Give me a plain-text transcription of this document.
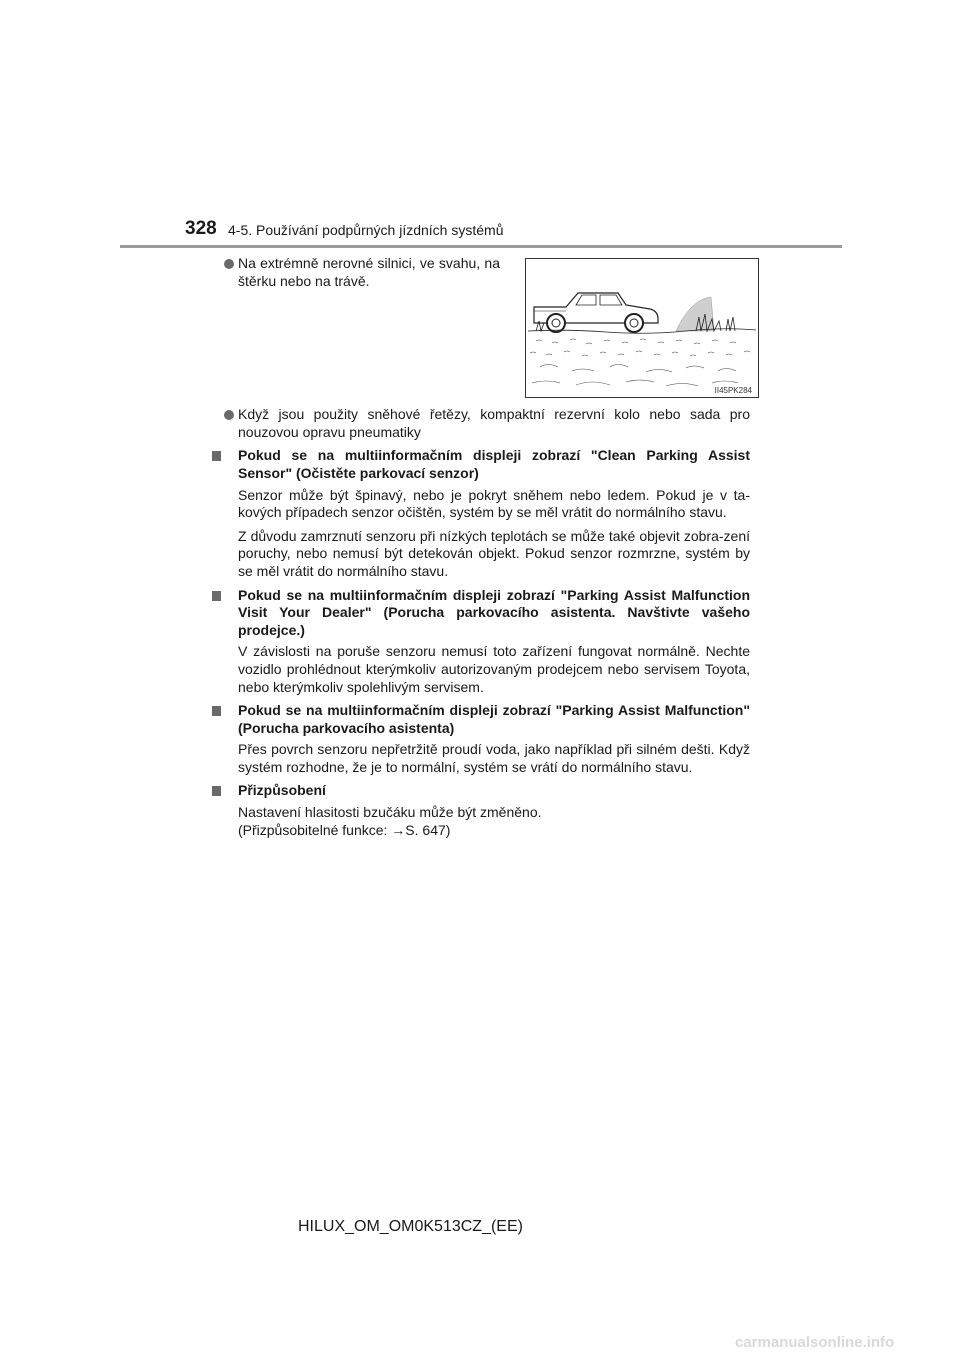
328 4-5. Používání podpůrných jízdních systémů
II45PK284
Na extrémně nerovné silnici, ve svahu, na štěrku nebo na trávě.
Když jsou použity sněhové řetězy, kompaktní rezervní kolo nebo sada pro nouzovou opravu pneumatiky
Pokud se na multiinformačním displeji zobrazí "Clean Parking Assist Sensor" (Očistěte parkovací senzor)
Senzor může být špinavý, nebo je pokryt sněhem nebo ledem. Pokud je v ta-kových případech senzor očištěn, systém by se měl vrátit do normálního stavu.
Z důvodu zamrznutí senzoru při nízkých teplotách se může také objevit zobra-zení poruchy, nebo nemusí být detekován objekt. Pokud senzor rozmrzne, systém by se měl vrátit do normálního stavu.
Pokud se na multiinformačním displeji zobrazí "Parking Assist Malfunction Visit Your Dealer" (Porucha parkovacího asistenta. Navštivte vašeho prodejce.)
V závislosti na poruše senzoru nemusí toto zařízení fungovat normálně. Nechte vozidlo prohlédnout kterýmkoliv autorizovaným prodejcem nebo servisem Toyota, nebo kterýmkoliv spolehlivým servisem.
Pokud se na multiinformačním displeji zobrazí "Parking Assist Malfunction" (Porucha parkovacího asistenta)
Přes povrch senzoru nepřetržitě proudí voda, jako například při silném dešti. Když systém rozhodne, že je to normální, systém se vrátí do normálního stavu.
Přizpůsobení
Nastavení hlasitosti bzučáku může být změněno.
(Přizpůsobitelné funkce: →S. 647)
HILUX_OM_OM0K513CZ_(EE)
carmanualsonline.info
